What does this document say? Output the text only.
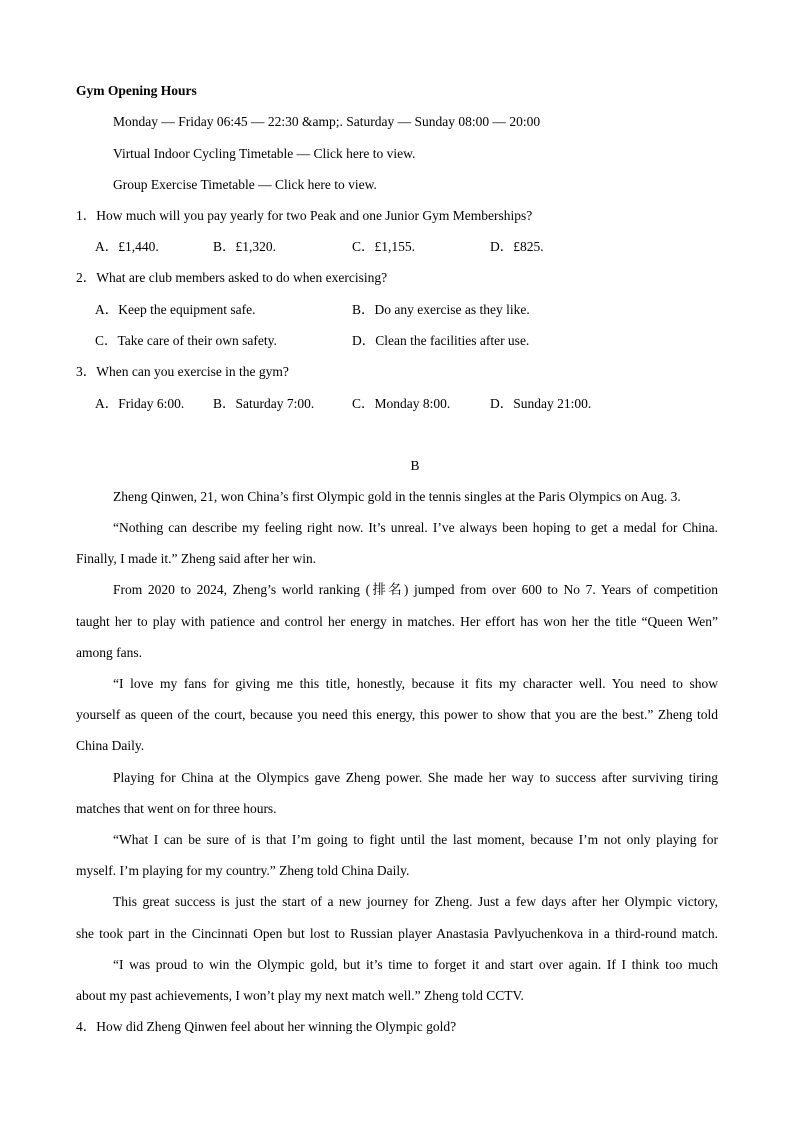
Gym Opening Hours
Monday — Friday 06:45 — 22:30 &amp;. Saturday — Sunday 08:00 — 20:00
Virtual Indoor Cycling Timetable — Click here to view.
Group Exercise Timetable — Click here to view.
1．How much will you pay yearly for two Peak and one Junior Gym Memberships?
A．£1,440.	B．£1,320.	C．£1,155.	D．£825.
2．What are club members asked to do when exercising?
A．Keep the equipment safe.	B．Do any exercise as they like.
C．Take care of their own safety.	D．Clean the facilities after use.
3．When can you exercise in the gym?
A．Friday 6:00. B．Saturday 7:00.	C．Monday 8:00.	D．Sunday 21:00.
B
Zheng Qinwen, 21, won China’s first Olympic gold in the tennis singles at the Paris Olympics on Aug. 3.
“Nothing can describe my feeling right now. It’s unreal. I’ve always been hoping to get a medal for China.
Finally, I made it.” Zheng said after her win.
From 2020 to 2024, Zheng’s world ranking (排名) jumped from over 600 to No 7. Years of competition
taught her to play with patience and control her energy in matches. Her effort has won her the title “Queen Wen”
among fans.
“I love my fans for giving me this title, honestly, because it fits my character well. You need to show
yourself as queen of the court, because you need this energy, this power to show that you are the best.” Zheng told
China Daily.
Playing for China at the Olympics gave Zheng power. She made her way to success after surviving tiring
matches that went on for three hours.
“What I can be sure of is that I’m going to fight until the last moment, because I’m not only playing for
myself. I’m playing for my country.” Zheng told China Daily.
This great success is just the start of a new journey for Zheng. Just a few days after her Olympic victory,
she took part in the Cincinnati Open but lost to Russian player Anastasia Pavlyuchenkova in a third-round match.
“I was proud to win the Olympic gold, but it’s time to forget it and start over again. If I think too much
about my past achievements, I won’t play my next match well.” Zheng told CCTV.
4．How did Zheng Qinwen feel about her winning the Olympic gold?
